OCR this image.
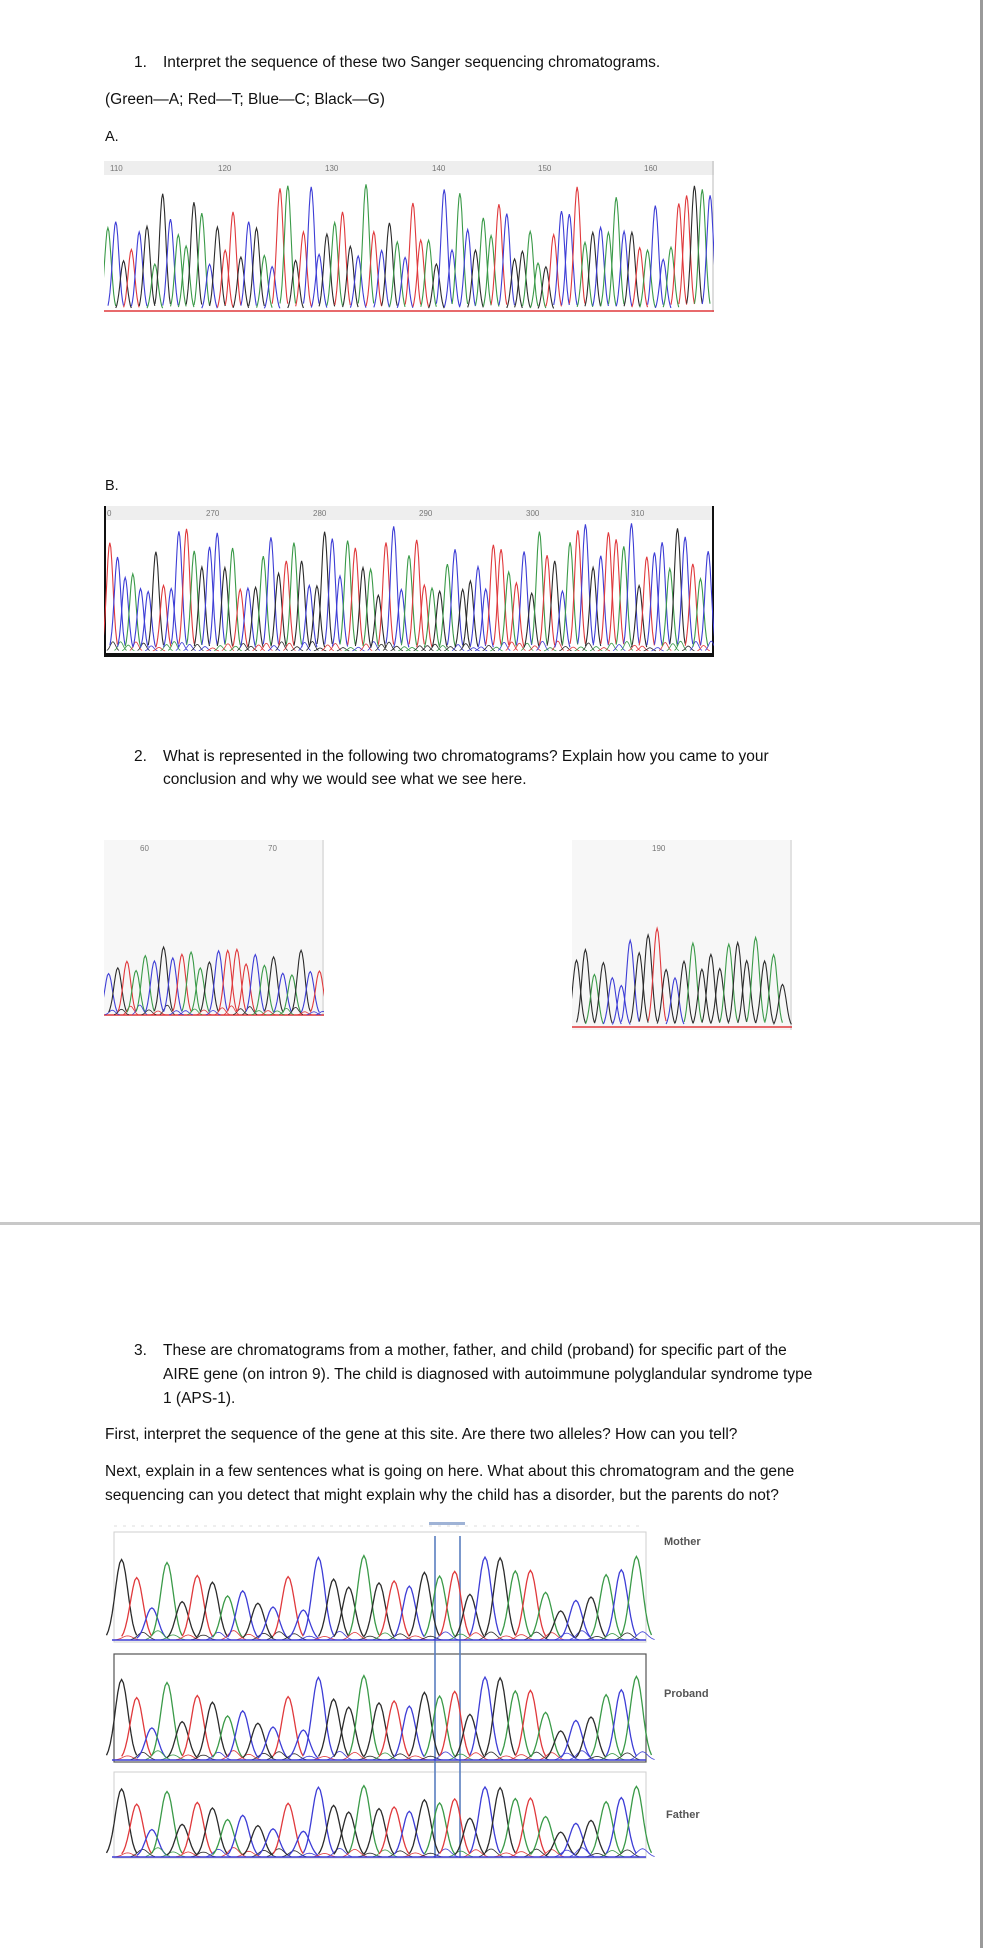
1. Interpret the sequence of these two Sanger sequencing chromatograms.
(Green—A; Red—T; Blue—C; Black—G)
A.
110	120	130	140	150	160
B.
0	270	280	290	300	310
2. What is represented in the following two chromatograms? Explain how you came to your
conclusion and why we would see what we see here.
60	70	190
3. These are chromatograms from a mother, father, and child (proband) for specific part of the
AIRE gene (on intron 9). The child is diagnosed with autoimmune polyglandular syndrome type
1 (APS-1).
First, interpret the sequence of the gene at this site. Are there two alleles? How can you tell?
Next, explain in a few sentences what is going on here. What about this chromatogram and the gene
sequencing can you detect that might explain why the child has a disorder, but the parents do not?
Mother
Proband
Father
